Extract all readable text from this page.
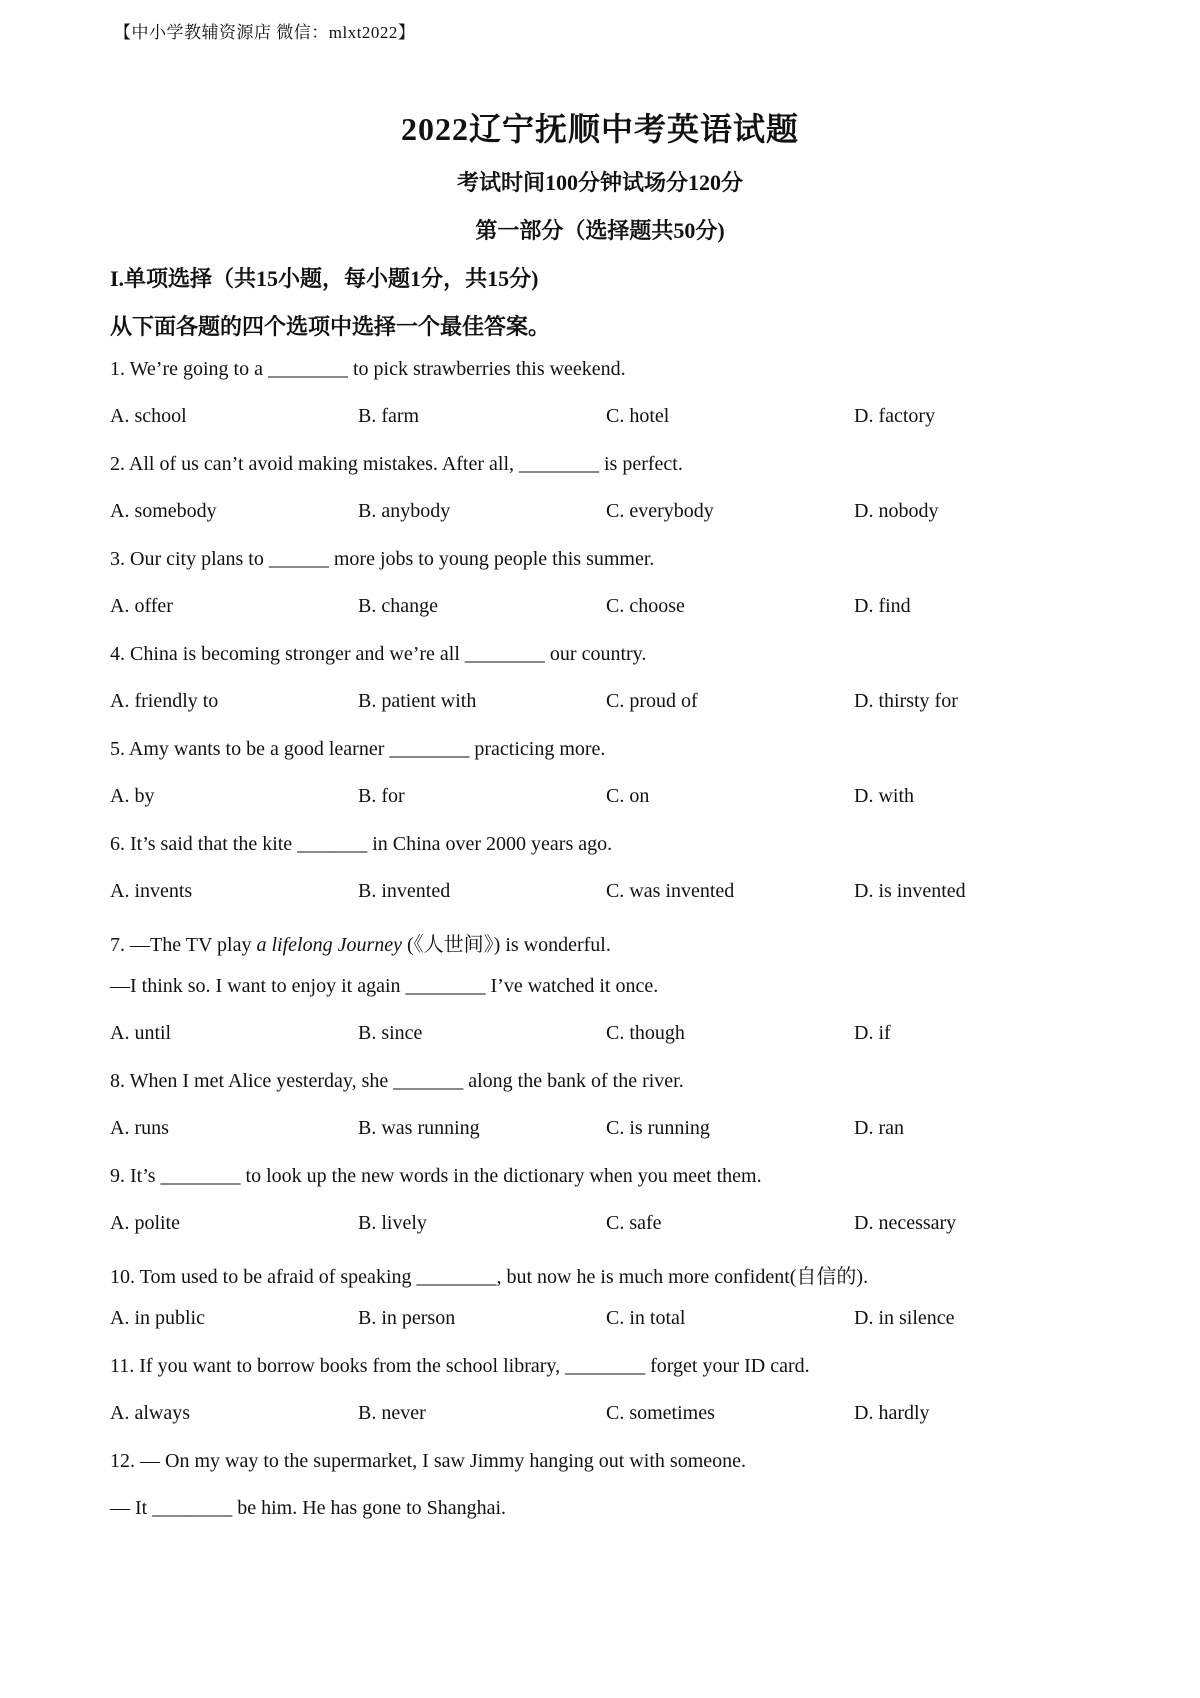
【中小学教辅资源店 微信：mlxt2022】
2022辽宁抚顺中考英语试题
考试时间100分钟试场分120分
第一部分（选择题共50分)
I.单项选择（共15小题，每小题1分，共15分)
从下面各题的四个选项中选择一个最佳答案。
1. We’re going to a ________ to pick strawberries this weekend.
A. school	B. farm	C. hotel	D. factory
2. All of us can’t avoid making mistakes. After all, ________ is perfect.
A. somebody	B. anybody	C. everybody	D. nobody
3. Our city plans to ______ more jobs to young people this summer.
A. offer	B. change	C. choose	D. find
4. China is becoming stronger and we’re all ________ our country.
A. friendly to	B. patient with	C. proud of	D. thirsty for
5. Amy wants to be a good learner ________ practicing more.
A. by	B. for	C. on	D. with
6. It’s said that the kite _______ in China over 2000 years ago.
A. invents	B. invented	C. was invented	D. is invented
7. —The TV play a lifelong Journey (《人世间》) is wonderful.
—I think so. I want to enjoy it again ________ I’ve watched it once.
A. until	B. since	C. though	D. if
8. When I met Alice yesterday, she _______ along the bank of the river.
A. runs	B. was running	C. is running	D. ran
9. It’s ________ to look up the new words in the dictionary when you meet them.
A. polite	B. lively	C. safe	D. necessary
10. Tom used to be afraid of speaking ________, but now he is much more confident(自信的).
A. in public	B. in person	C. in total	D. in silence
11. If you want to borrow books from the school library, ________ forget your ID card.
A. always	B. never	C. sometimes	D. hardly
12. — On my way to the supermarket, I saw Jimmy hanging out with someone.
— It ________ be him. He has gone to Shanghai.
